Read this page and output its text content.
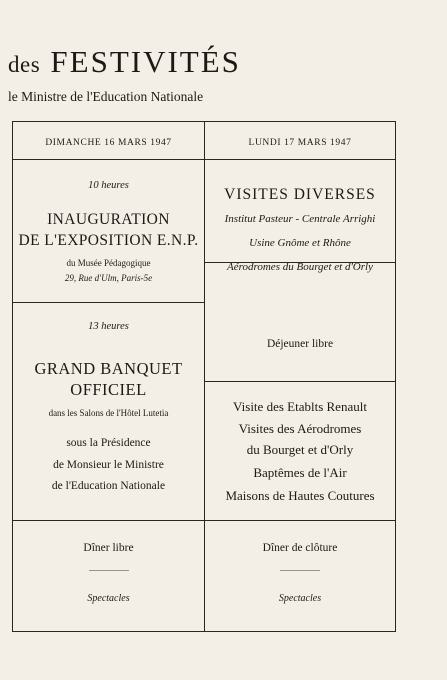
des FESTIVITÉS
le Ministre de l'Education Nationale
DIMANCHE 16 MARS 1947
10 heures
INAUGURATION
DE L'EXPOSITION E.N.P.
du Musée Pédagogique
29, Rue d'Ulm, Paris-5e
13 heures
GRAND BANQUET
OFFICIEL
dans les Salons de l'Hôtel Lutetia
sous la Présidence
de Monsieur le Ministre
de l'Education Nationale
Dîner libre
Spectacles
LUNDI 17 MARS 1947
VISITES DIVERSES
Institut Pasteur - Centrale Arrighi
Usine Gnôme et Rhône
Aérodromes du Bourget et d'Orly
Déjeuner libre
Visite des Etablts Renault
Visites des Aérodromes
du Bourget et d'Orly
Baptêmes de l'Air
Maisons de Hautes Coutures
Dîner de clôture
Spectacles
